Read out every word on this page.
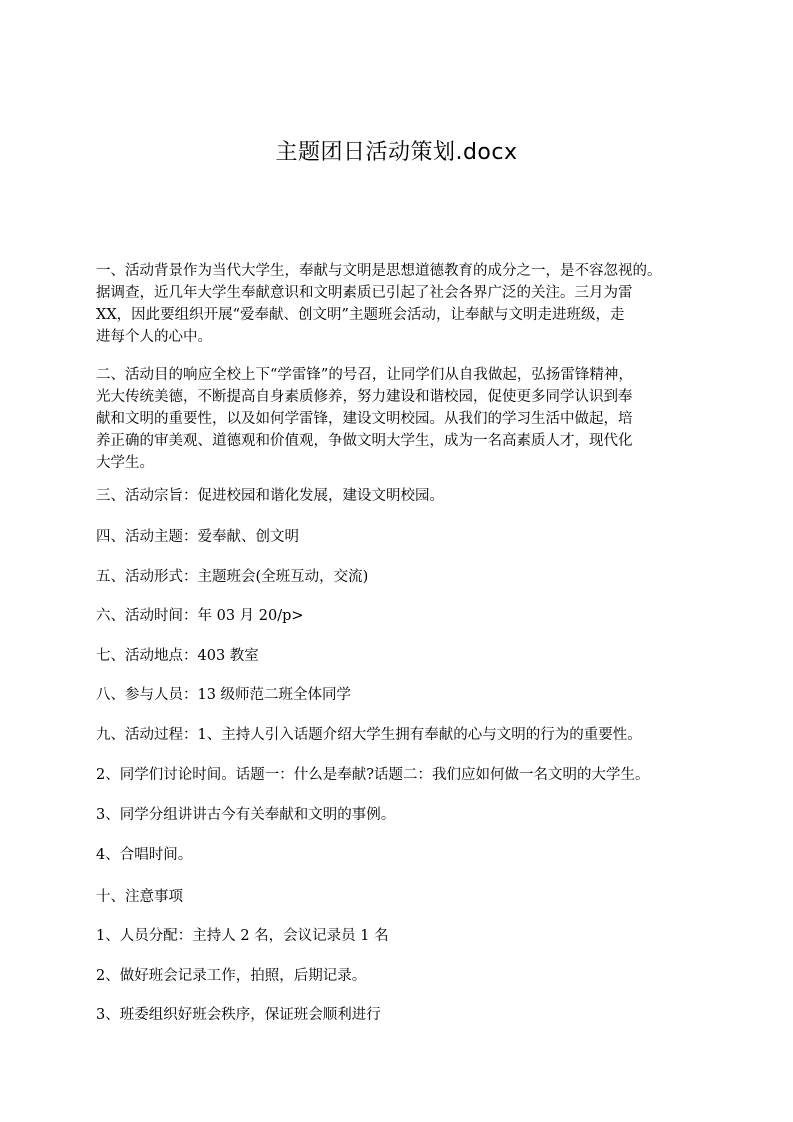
主题团日活动策划.docx
一、活动背景作为当代大学生，奉献与文明是思想道德教育的成分之一，是不容忽视的。
据调查，近几年大学生奉献意识和文明素质已引起了社会各界广泛的关注。三月为雷
XX，因此要组织开展“爱奉献、创文明”主题班会活动，让奉献与文明走进班级，走
进每个人的心中。
二、活动目的响应全校上下“学雷锋”的号召，让同学们从自我做起，弘扬雷锋精神，
光大传统美德，不断提高自身素质修养，努力建设和谐校园，促使更多同学认识到奉
献和文明的重要性，以及如何学雷锋，建设文明校园。从我们的学习生活中做起，培
养正确的审美观、道德观和价值观，争做文明大学生，成为一名高素质人才，现代化
大学生。

三、活动宗旨：促进校园和谐化发展，建设文明校园。

四、活动主题：爱奉献、创文明

五、活动形式：主题班会(全班互动，交流)

六、活动时间：年 03 月 20/p>

七、活动地点：403 教室

八、参与人员：13 级师范二班全体同学

九、活动过程：1、主持人引入话题介绍大学生拥有奉献的心与文明的行为的重要性。

2、同学们讨论时间。话题一：什么是奉献?话题二：我们应如何做一名文明的大学生。

3、同学分组讲讲古今有关奉献和文明的事例。

4、合唱时间。

十、注意事项

1、人员分配：主持人 2 名，会议记录员 1 名

2、做好班会记录工作，拍照，后期记录。

3、班委组织好班会秩序，保证班会顺利进行
